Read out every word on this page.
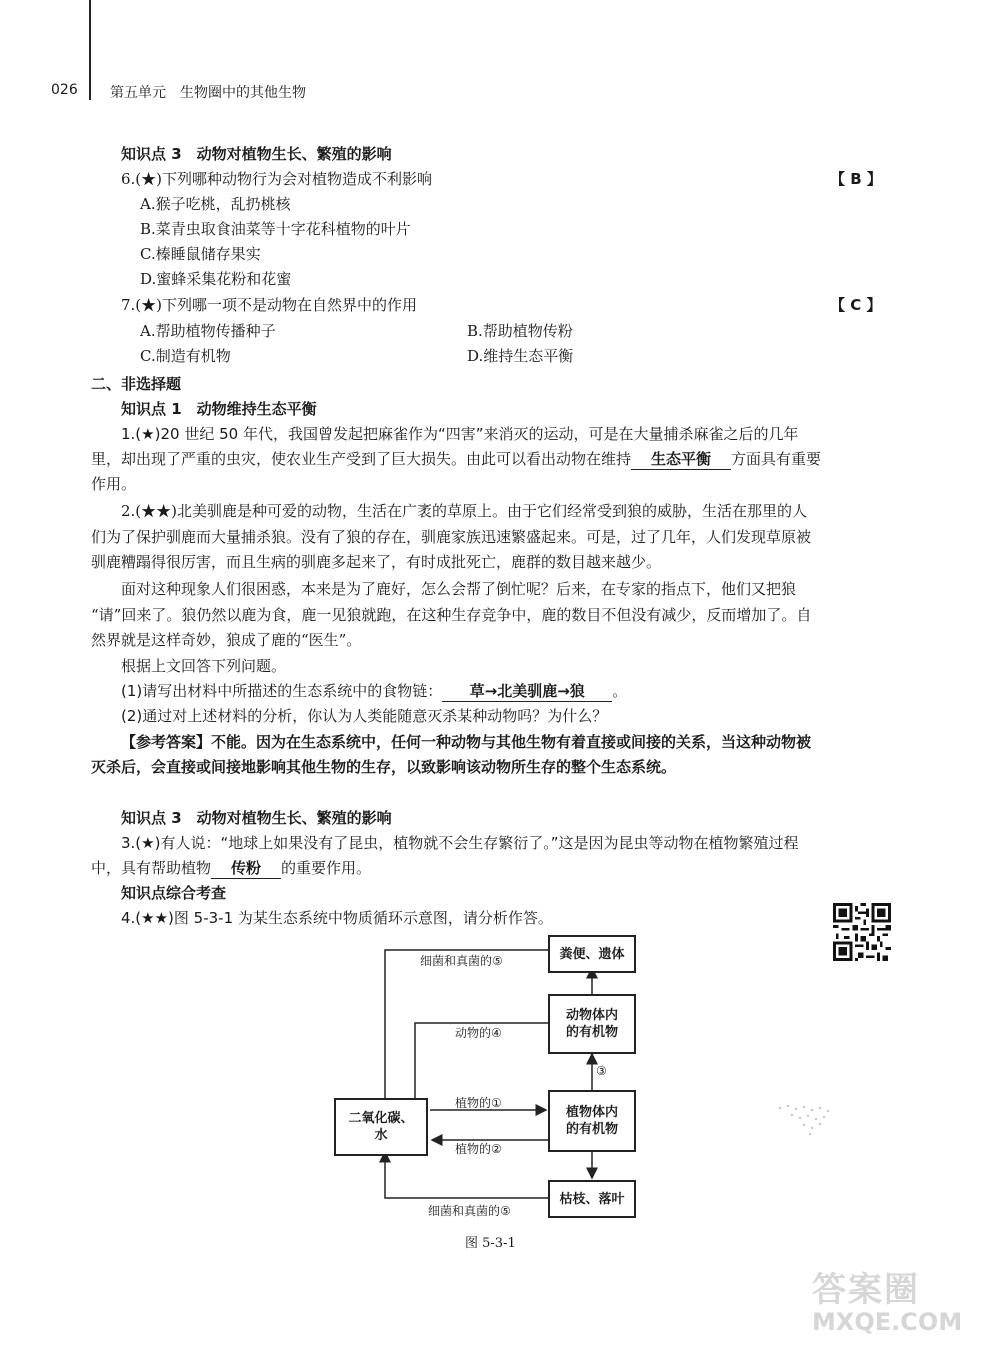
026 第五单元　生物圈中的其他生物
知识点 3　动物对植物生长、繁殖的影响
6.(★)下列哪种动物行为会对植物造成不利影响	【 B 】
A.猴子吃桃，乱扔桃核
B.菜青虫取食油菜等十字花科植物的叶片
C.榛睡鼠储存果实
D.蜜蜂采集花粉和花蜜
7.(★)下列哪一项不是动物在自然界中的作用	【 C 】
A.帮助植物传播种子	B.帮助植物传粉
C.制造有机物	D.维持生态平衡
二、非选择题
知识点 1　动物维持生态平衡
1.(★)20 世纪 50 年代，我国曾发起把麻雀作为“四害”来消灭的运动，可是在大量捕杀麻雀之后的几年
里，却出现了严重的虫灾，使农业生产受到了巨大损失。由此可以看出动物在维持 生态平衡 方面具有重要
作用。
2.(★★)北美驯鹿是种可爱的动物，生活在广袤的草原上。由于它们经常受到狼的威胁，生活在那里的人
们为了保护驯鹿而大量捕杀狼。没有了狼的存在，驯鹿家族迅速繁盛起来。可是，过了几年，人们发现草原被
驯鹿糟蹋得很厉害，而且生病的驯鹿多起来了，有时成批死亡，鹿群的数目越来越少。
面对这种现象人们很困惑，本来是为了鹿好，怎么会帮了倒忙呢？后来，在专家的指点下，他们又把狼
“请”回来了。狼仍然以鹿为食，鹿一见狼就跑，在这种生存竞争中，鹿的数目不但没有减少，反而增加了。自
然界就是这样奇妙，狼成了鹿的“医生”。
根据上文回答下列问题。
(1)请写出材料中所描述的生态系统中的食物链： 草→北美驯鹿→狼 。
(2)通过对上述材料的分析，你认为人类能随意灭杀某种动物吗？为什么？
【参考答案】不能。因为在生态系统中，任何一种动物与其他生物有着直接或间接的关系，当这种动物被
灭杀后，会直接或间接地影响其他生物的生存，以致影响该动物所生存的整个生态系统。
知识点 3　动物对植物生长、繁殖的影响
3.(★)有人说：“地球上如果没有了昆虫，植物就不会生存繁衍了。”这是因为昆虫等动物在植物繁殖过程
中，具有帮助植物 传粉 的重要作用。
知识点综合考查
4.(★★)图 5-3-1 为某生态系统中物质循环示意图，请分析作答。
二氧化碳、
水
粪便、遗体
动物体内
的有机物
植物体内
的有机物
枯枝、落叶
细菌和真菌的⑤
动物的④
植物的①
植物的②
③
细菌和真菌的⑤
图 5-3-1
答案圈
MXQE.COM
